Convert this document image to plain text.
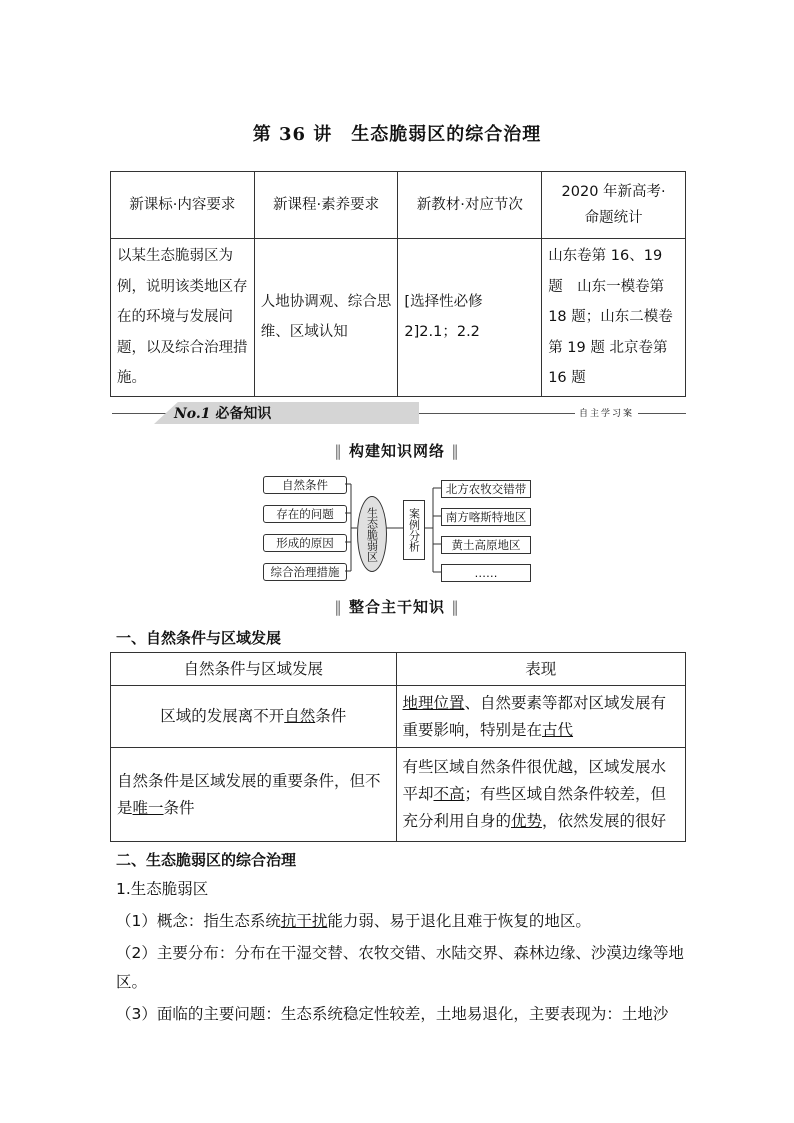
第 36 讲　生态脆弱区的综合治理
新课标·内容要求	新课程·素养要求	新教材·对应节次	2020 年新高考·命题统计
以某生态脆弱区为例，说明该类地区存在的环境与发展问题，以及综合治理措施。	人地协调观、综合思维、区域认知	[选择性必修 2]2.1；2.2	山东卷第 16、19 题　山东一模卷第 18 题；山东二模卷第 19 题 北京卷第 16 题
No.1 必备知识	自主学习案
‖ 构建知识网络 ‖
自然条件
存在的问题
形成的原因
综合治理措施
生态脆弱区	案例分析
北方农牧交错带
南方喀斯特地区
黄土高原地区
……
‖ 整合主干知识 ‖
一、自然条件与区域发展
自然条件与区域发展	表现
区域的发展离不开自然条件	地理位置、自然要素等都对区域发展有重要影响，特别是在古代
自然条件是区域发展的重要条件，但不是唯一条件	有些区域自然条件很优越，区域发展水平却不高；有些区域自然条件较差，但充分利用自身的优势，依然发展的很好
二、生态脆弱区的综合治理
1.生态脆弱区
（1）概念：指生态系统抗干扰能力弱、易于退化且难于恢复的地区。
（2）主要分布：分布在干湿交替、农牧交错、水陆交界、森林边缘、沙漠边缘等地区。
（3）面临的主要问题：生态系统稳定性较差，土地易退化，主要表现为：土地沙
